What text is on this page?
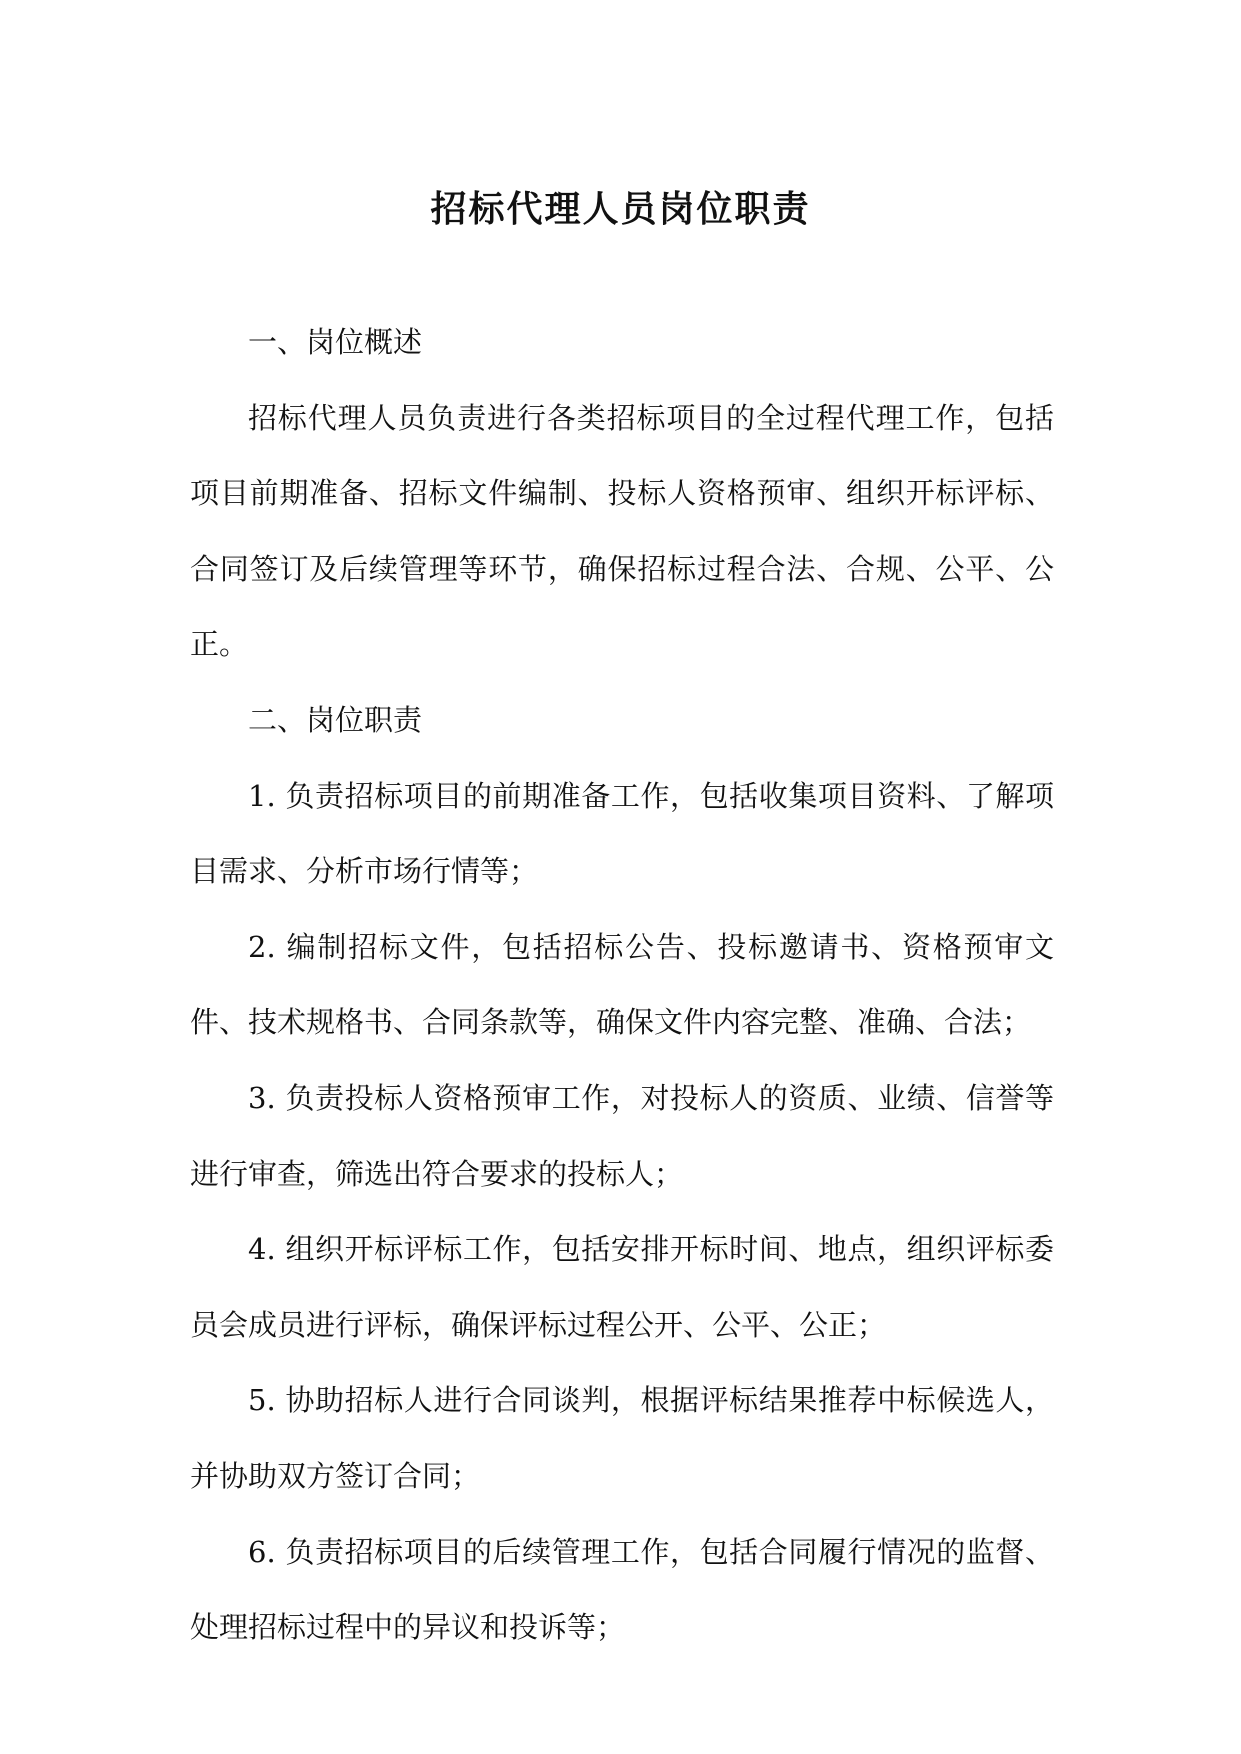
招标代理人员岗位职责

一、岗位概述

招标代理人员负责进行各类招标项目的全过程代理工作，包括项目前期准备、招标文件编制、投标人资格预审、组织开标评标、合同签订及后续管理等环节，确保招标过程合法、合规、公平、公正。

二、岗位职责

1. 负责招标项目的前期准备工作，包括收集项目资料、了解项目需求、分析市场行情等；

2. 编制招标文件，包括招标公告、投标邀请书、资格预审文件、技术规格书、合同条款等，确保文件内容完整、准确、合法；

3. 负责投标人资格预审工作，对投标人的资质、业绩、信誉等进行审查，筛选出符合要求的投标人；

4. 组织开标评标工作，包括安排开标时间、地点，组织评标委员会成员进行评标，确保评标过程公开、公平、公正；

5. 协助招标人进行合同谈判，根据评标结果推荐中标候选人，并协助双方签订合同；

6. 负责招标项目的后续管理工作，包括合同履行情况的监督、处理招标过程中的异议和投诉等；
